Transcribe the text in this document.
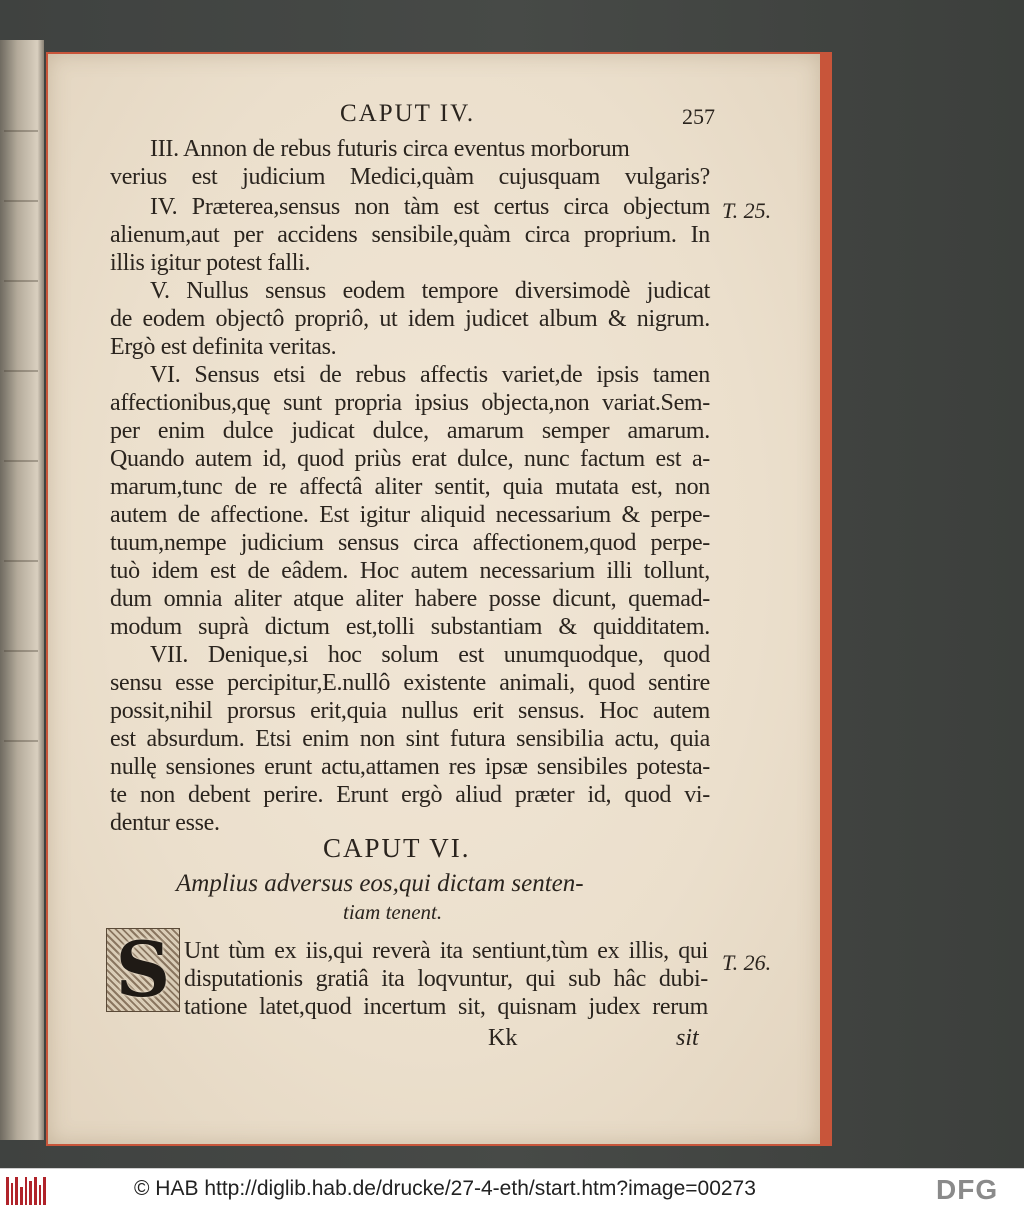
CAPUT IV.	257

T. 25.

T. 26.

III. Annon de rebus futuris circa eventus morborum

verius est judicium Medici,quàm cujusquam vulgaris?

IV. Præterea,sensus non tàm est certus circa objectum

alienum,aut per accidens sensibile,quàm circa proprium. In

illis igitur potest falli.

V. Nullus sensus eodem tempore diversimodè judicat

de eodem objectô propriô, ut idem judicet album & nigrum.

Ergò est definita veritas.

VI. Sensus etsi de rebus affectis variet,de ipsis tamen

affectionibus,quę sunt propria ipsius objecta,non variat.Sem-

per enim dulce judicat dulce, amarum semper amarum.

Quando autem id, quod priùs erat dulce, nunc factum est a-

marum,tunc de re affectâ aliter sentit, quia mutata est, non

autem de affectione. Est igitur aliquid necessarium & perpe-

tuum,nempe judicium sensus circa affectionem,quod perpe-

tuò idem est de eâdem. Hoc autem necessarium illi tollunt,

dum omnia aliter atque aliter habere posse dicunt, quemad-

modum suprà dictum est,tolli substantiam & quidditatem.

VII. Denique,si hoc solum est unumquodque, quod

sensu esse percipitur,E.nullô existente animali, quod sentire

possit,nihil prorsus erit,quia nullus erit sensus. Hoc autem

est absurdum. Etsi enim non sint futura sensibilia actu, quia

nullę sensiones erunt actu,attamen res ipsæ sensibiles potesta-

te non debent perire. Erunt ergò aliud præter id, quod vi-

dentur esse.

CAPUT VI.

Amplius adversus eos,qui dictam senten-

tiam tenent.

S Unt tùm ex iis,qui reverà ita sentiunt,tùm ex illis, qui

disputationis gratiâ ita loqvuntur, qui sub hâc dubi-

tatione latet,quod incertum sit, quisnam judex rerum

Kk	sit

© HAB http://diglib.hab.de/drucke/27-4-eth/start.htm?image=00273	DFG
